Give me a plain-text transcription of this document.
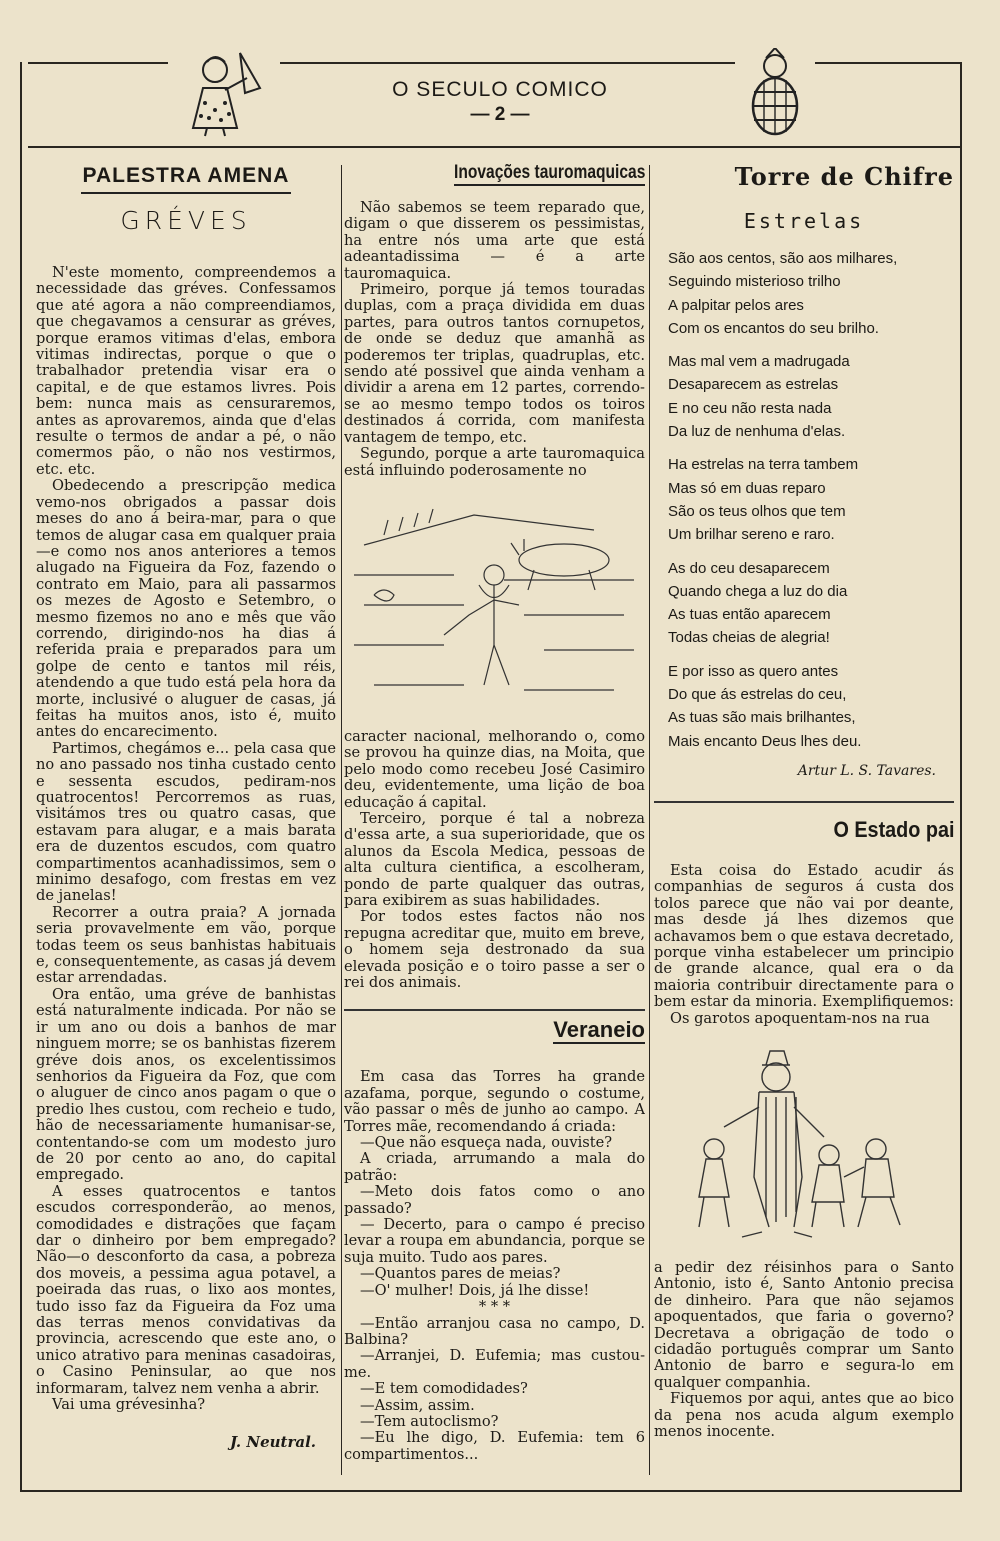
O SECULO COMICO
— 2 —
PALESTRA AMENA
GRÉVES

N'este momento, compreendemos a necessidade das gréves. Confessamos que até agora a não compreendiamos, que chegavamos a censurar as gréves, porque eramos vitimas d'elas, embora vitimas indirectas, porque o que o trabalhador pretendia visar era o capital, e de que estamos livres. Pois bem: nunca mais as censuraremos, antes as aprovaremos, ainda que d'elas resulte o termos de andar a pé, o não comermos pão, o não nos vestirmos, etc. etc.

Obedecendo a prescripção medica vemo-nos obrigados a passar dois meses do ano á beira-mar, para o que temos de alugar casa em qualquer praia —e como nos anos anteriores a temos alugado na Figueira da Foz, fazendo o contrato em Maio, para ali passarmos os mezes de Agosto e Setembro, o mesmo fizemos no ano e mês que vão correndo, dirigindo-nos ha dias á referida praia e preparados para um golpe de cento e tantos mil réis, atendendo a que tudo está pela hora da morte, inclusivé o aluguer de casas, já feitas ha muitos anos, isto é, muito antes do encarecimento.

Partimos, chegámos e... pela casa que no ano passado nos tinha custado cento e sessenta escudos, pediram-nos quatrocentos! Percorremos as ruas, visitámos tres ou quatro casas, que estavam para alugar, e a mais barata era de duzentos escudos, com quatro compartimentos acanhadissimos, sem o minimo desafogo, com frestas em vez de janelas!

Recorrer a outra praia? A jornada seria provavelmente em vão, porque todas teem os seus banhistas habituais e, consequentemente, as casas já devem estar arrendadas.

Ora então, uma gréve de banhistas está naturalmente indicada. Por não se ir um ano ou dois a banhos de mar ninguem morre; se os banhistas fizerem gréve dois anos, os excelentissimos senhorios da Figueira da Foz, que com o aluguer de cinco anos pagam o que o predio lhes custou, com recheio e tudo, hão de necessariamente humanisar-se, contentando-se com um modesto juro de 20 por cento ao ano, do capital empregado.

A esses quatrocentos e tantos escudos corresponderão, ao menos, comodidades e distrações que façam dar o dinheiro por bem empregado? Não—o desconforto da casa, a pobreza dos moveis, a pessima agua potavel, a poeirada das ruas, o lixo aos montes, tudo isso faz da Figueira da Foz uma das terras menos convidativas da provincia, acrescendo que este ano, o unico atrativo para meninas casadoiras, o Casino Peninsular, ao que nos informaram, talvez nem venha a abrir.

Vai uma grévesinha?

J. Neutral.
Inovações tauromaquicas

Não sabemos se teem reparado que, digam o que disserem os pessimistas, ha entre nós uma arte que está adeantadissima — é a arte tauromaquica.

Primeiro, porque já temos touradas duplas, com a praça dividida em duas partes, para outros tantos cornupetos, de onde se deduz que amanhã as poderemos ter triplas, quadruplas, etc. sendo até possivel que ainda venham a dividir a arena em 12 partes, correndo-se ao mesmo tempo todos os toiros destinados á corrida, com manifesta vantagem de tempo, etc.

Segundo, porque a arte tauromaquica está influindo poderosamente no

caracter nacional, melhorando o, como se provou ha quinze dias, na Moita, que pelo modo como recebeu José Casimiro deu, evidentemente, uma lição de boa educação á capital.

Terceiro, porque é tal a nobreza d'essa arte, a sua superioridade, que os alunos da Escola Medica, pessoas de alta cultura cientifica, a escolheram, pondo de parte qualquer das outras, para exibirem as suas habilidades.

Por todos estes factos não nos repugna acreditar que, muito em breve, o homem seja destronado da sua elevada posição e o toiro passe a ser o rei dos animais.

Veraneio

Em casa das Torres ha grande azafama, porque, segundo o costume, vão passar o mês de junho ao campo. A Torres mãe, recomendando á criada:

—Que não esqueça nada, ouviste?

A criada, arrumando a mala do patrão:

—Meto dois fatos como o ano passado?

— Decerto, para o campo é preciso levar a roupa em abundancia, porque se suja muito. Tudo aos pares.

—Quantos pares de meias?

—O' mulher! Dois, já lhe disse!

* * *

—Então arranjou casa no campo, D. Balbina?

—Arranjei, D. Eufemia; mas custou-me.

—E tem comodidades?

—Assim, assim.

—Tem autoclismo?

—Eu lhe digo, D. Eufemia: tem 6 compartimentos...

Torre de Chifre
Estrelas
São aos centos, são aos milhares,
Seguindo misterioso trilho
A palpitar pelos ares
Com os encantos do seu brilho.
Mas mal vem a madrugada
Desaparecem as estrelas
E no ceu não resta nada
Da luz de nenhuma d'elas.
Ha estrelas na terra tambem
Mas só em duas reparo
São os teus olhos que tem
Um brilhar sereno e raro.
As do ceu desaparecem
Quando chega a luz do dia
As tuas então aparecem
Todas cheias de alegria!
E por isso as quero antes
Do que ás estrelas do ceu,
As tuas são mais brilhantes,
Mais encanto Deus lhes deu.
Artur L. S. Tavares.
O Estado pai

Esta coisa do Estado acudir ás companhias de seguros á custa dos tolos parece que não vai por deante, mas desde já lhes dizemos que achavamos bem o que estava decretado, porque vinha estabelecer um principio de grande alcance, qual era o da maioria contribuir directamente para o bem estar da minoria. Exemplifiquemos:

Os garotos apoquentam-nos na rua

a pedir dez réisinhos para o Santo Antonio, isto é, Santo Antonio precisa de dinheiro. Para que não sejamos apoquentados, que faria o governo? Decretava a obrigação de todo o cidadão português comprar um Santo Antonio de barro e segura-lo em qualquer companhia.

Fiquemos por aqui, antes que ao bico da pena nos acuda algum exemplo menos inocente.
